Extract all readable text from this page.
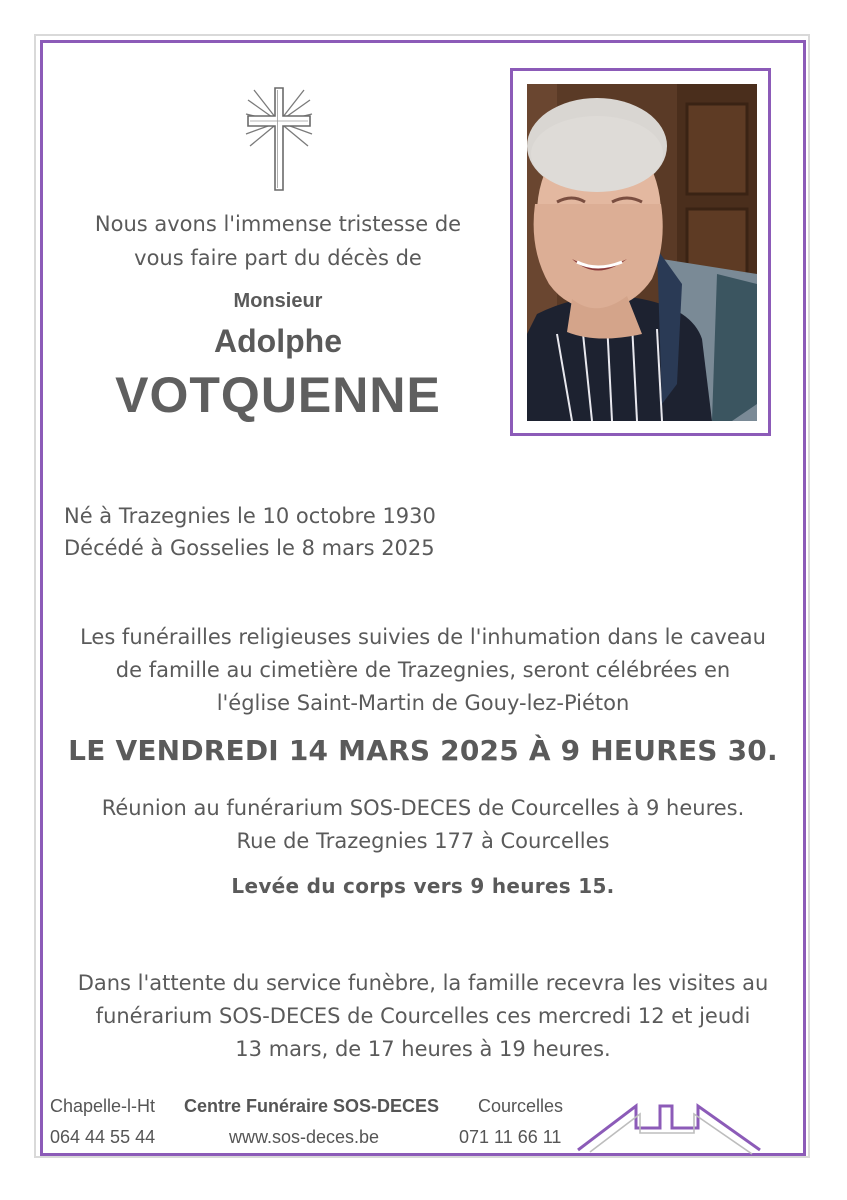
Nous avons l'immense tristesse de
vous faire part du décès de
Monsieur
Adolphe
VOTQUENNE
Né à Trazegnies le 10 octobre 1930
Décédé à Gosselies le 8 mars 2025
Les funérailles religieuses suivies de l'inhumation dans le caveau
de famille au cimetière de Trazegnies, seront célébrées en
l'église Saint-Martin de Gouy-lez-Piéton
LE VENDREDI 14 MARS 2025 À 9 HEURES 30.
Réunion au funérarium SOS-DECES de Courcelles à 9 heures.
Rue de Trazegnies 177 à Courcelles
Levée du corps vers 9 heures 15.
Dans l'attente du service funèbre, la famille recevra les visites au
funérarium SOS-DECES de Courcelles ces mercredi 12 et jeudi
13 mars, de 17 heures à 19 heures.
Chapelle-l-Ht
064 44 55 44
Centre Funéraire SOS-DECES
www.sos-deces.be
Courcelles
071 11 66 11
